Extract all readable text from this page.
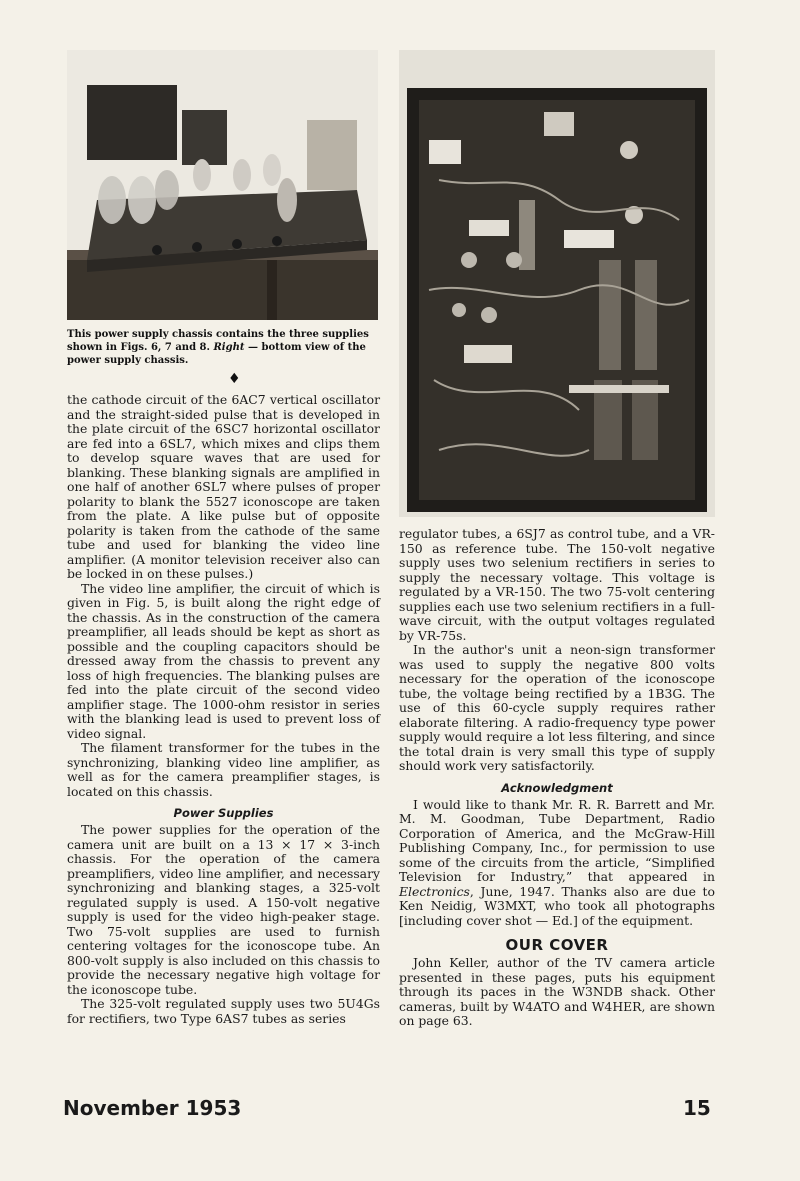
This power supply chassis contains the three supplies shown in Figs. 6, 7 and 8. Right — bottom view of the power supply chassis.
♦

the cathode circuit of the 6AC7 vertical oscillator and the straight-sided pulse that is developed in the plate circuit of the 6SC7 horizontal oscillator are fed into a 6SL7, which mixes and clips them to develop square waves that are used for blanking. These blanking signals are amplified in one half of another 6SL7 where pulses of proper polarity to blank the 5527 iconoscope are taken from the plate. A like pulse but of opposite polarity is taken from the cathode of the same tube and used for blanking the video line amplifier. (A monitor television receiver also can be locked in on these pulses.)

The video line amplifier, the circuit of which is given in Fig. 5, is built along the right edge of the chassis. As in the construction of the camera preamplifier, all leads should be kept as short as possible and the coupling capacitors should be dressed away from the chassis to prevent any loss of high frequencies. The blanking pulses are fed into the plate circuit of the second video amplifier stage. The 1000-ohm resistor in series with the blanking lead is used to prevent loss of video signal.

The filament transformer for the tubes in the synchronizing, blanking video line amplifier, as well as for the camera preamplifier stages, is located on this chassis.

Power Supplies

The power supplies for the operation of the camera unit are built on a 13 × 17 × 3-inch chassis. For the operation of the camera preamplifiers, video line amplifier, and necessary synchronizing and blanking stages, a 325-volt regulated supply is used. A 150-volt negative supply is used for the video high-peaker stage. Two 75-volt supplies are used to furnish centering voltages for the iconoscope tube. An 800-volt supply is also included on this chassis to provide the necessary negative high voltage for the iconoscope tube.

The 325-volt regulated supply uses two 5U4Gs for rectifiers, two Type 6AS7 tubes as series

regulator tubes, a 6SJ7 as control tube, and a VR-150 as reference tube. The 150-volt negative supply uses two selenium rectifiers in series to supply the necessary voltage. This voltage is regulated by a VR-150. The two 75-volt centering supplies each use two selenium rectifiers in a full-wave circuit, with the output voltages regulated by VR-75s.

In the author's unit a neon-sign transformer was used to supply the negative 800 volts necessary for the operation of the iconoscope tube, the voltage being rectified by a 1B3G. The use of this 60-cycle supply requires rather elaborate filtering. A radio-frequency type power supply would require a lot less filtering, and since the total drain is very small this type of supply should work very satisfactorily.

Acknowledgment

I would like to thank Mr. R. R. Barrett and Mr. M. M. Goodman, Tube Department, Radio Corporation of America, and the McGraw-Hill Publishing Company, Inc., for permission to use some of the circuits from the article, “Simplified Television for Industry,” that appeared in Electronics, June, 1947. Thanks also are due to Ken Neidig, W3MXT, who took all photographs [including cover shot — Ed.] of the equipment.

OUR COVER

John Keller, author of the TV camera article presented in these pages, puts his equipment through its paces in the W3NDB shack. Other cameras, built by W4ATO and W4HER, are shown on page 63.

November 1953	15
